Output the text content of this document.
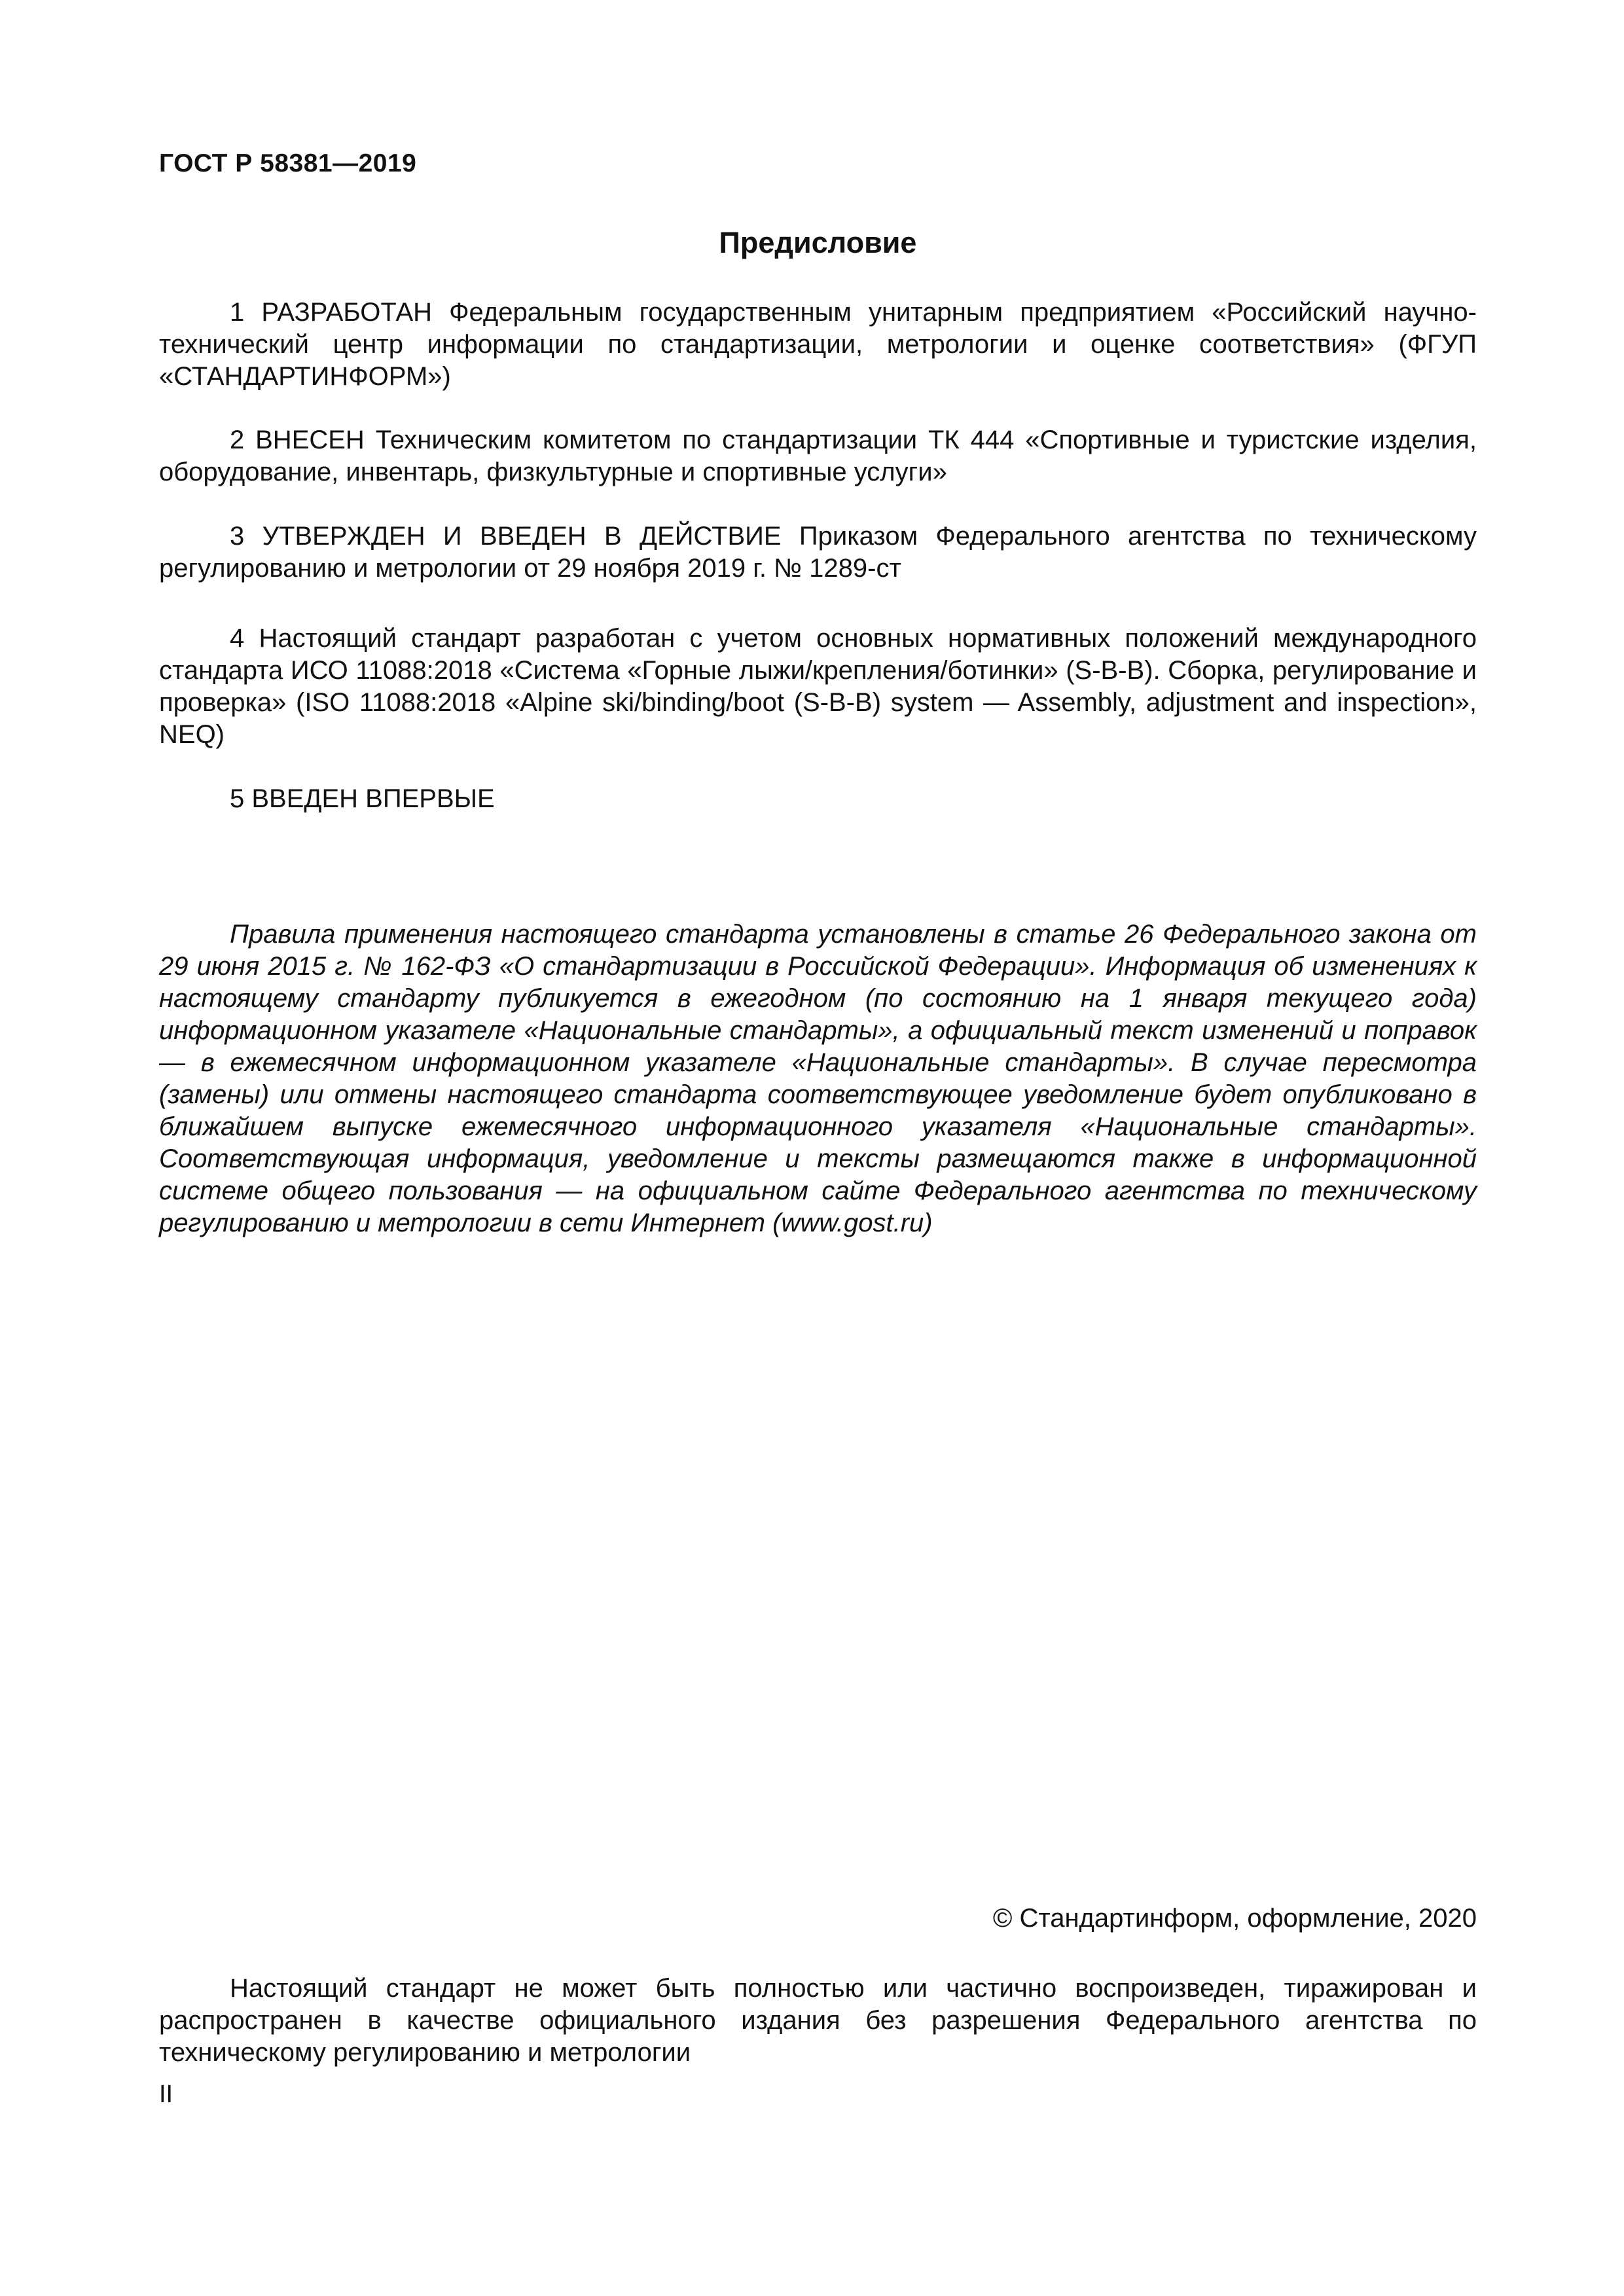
ГОСТ Р 58381—2019
Предисловие
1 РАЗРАБОТАН Федеральным государственным унитарным предприятием «Российский научно-технический центр информации по стандартизации, метрологии и оценке соответствия» (ФГУП «СТАНДАРТИНФОРМ»)
2 ВНЕСЕН Техническим комитетом по стандартизации ТК 444 «Спортивные и туристские изделия, оборудование, инвентарь, физкультурные и спортивные услуги»
3 УТВЕРЖДЕН И ВВЕДЕН В ДЕЙСТВИЕ Приказом Федерального агентства по техническому регулированию и метрологии от 29 ноября 2019 г. № 1289-ст
4 Настоящий стандарт разработан с учетом основных нормативных положений международного стандарта ИСО 11088:2018 «Система «Горные лыжи/крепления/ботинки» (S-B-B). Сборка, регулирование и проверка» (ISO 11088:2018 «Alpine ski/binding/boot (S-B-B) system — Assembly, adjustment and inspection», NEQ)
5 ВВЕДЕН ВПЕРВЫЕ
Правила применения настоящего стандарта установлены в статье 26 Федерального закона от 29 июня 2015 г. № 162-ФЗ «О стандартизации в Российской Федерации». Информация об изменениях к настоящему стандарту публикуется в ежегодном (по состоянию на 1 января текущего года) информационном указателе «Национальные стандарты», а официальный текст изменений и поправок — в ежемесячном информационном указателе «Национальные стандарты». В случае пересмотра (замены) или отмены настоящего стандарта соответствующее уведомление будет опубликовано в ближайшем выпуске ежемесячного информационного указателя «Национальные стандарты». Соответствующая информация, уведомление и тексты размещаются также в информационной системе общего пользования — на официальном сайте Федерального агентства по техническому регулированию и метрологии в сети Интернет (www.gost.ru)
© Стандартинформ, оформление, 2020
Настоящий стандарт не может быть полностью или частично воспроизведен, тиражирован и распространен в качестве официального издания без разрешения Федерального агентства по техническому регулированию и метрологии
II
